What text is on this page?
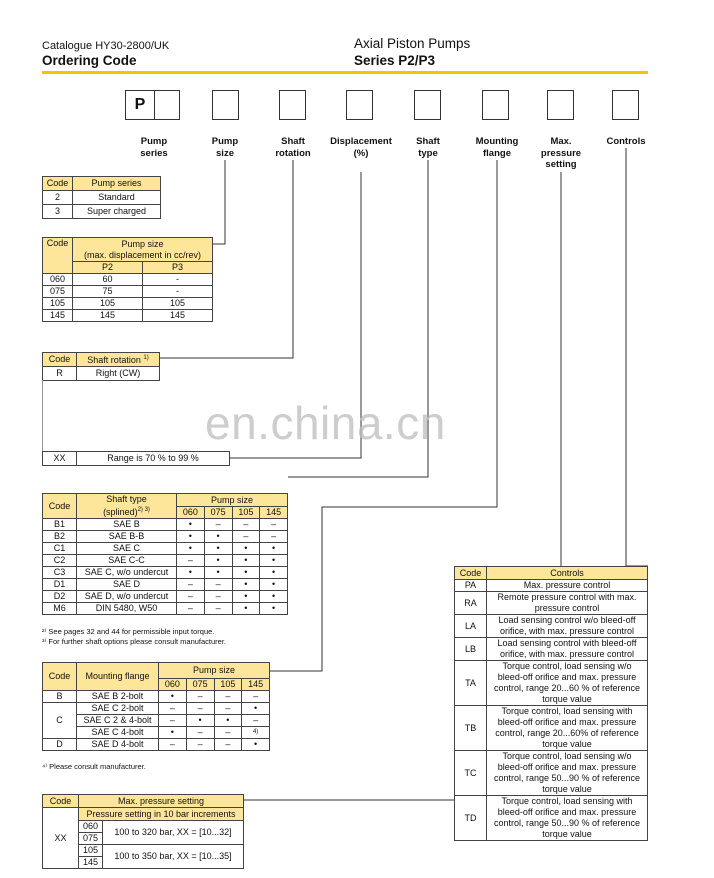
Catalogue HY30-2800/UK
Ordering Code
Axial Piston Pumps
Series P2/P3
P
Pump
series
Pump
size
Shaft
rotation
Displacement
(%)
Shaft
type
Mounting
flange
Max.
pressure
setting
Controls
Code	Pump series
2	Standard
3	Super charged
Code	Pump size
(max. displacement in cc/rev)	
	P2	P3
060	60	-
075	75	-
105	105	105
145	145	145
Code	Shaft rotation $^{1)}$
R	Right (CW)
XX	Range is 70 % to 99 %
en.china.cn
Code	Shaft type
(splined)$^{2) 3)}$	Pump size			
		060	075	105	145
B1	SAE B	•	–	–	–
B2	SAE B-B	•	•	–	–
C1	SAE C	•	•	•	•
C2	SAE C-C	–	•	•	•
C3	SAE C, w/o undercut	•	•	•	•
D1	SAE D	–	–	•	•
D2	SAE D, w/o undercut	–	–	•	•
M6	DIN 5480, W50	–	–	•	•
²⁾ See pages 32 and 44 for permissible input torque.
³⁾ For further shaft options please consult manufacturer.
Code	Mounting flange	Pump size			
		060	075	105	145
B	SAE B 2-bolt	•	–	–	–
C	SAE C 2-bolt	–	–	–	•
	SAE C 2 & 4-bolt	–	•	•	–
	SAE C 4-bolt	•	–	–	4)
D	SAE D 4-bolt	–	–	–	•
⁴⁾ Please consult manufacturer.
Code	Max. pressure setting	
XX	Pressure setting in 10 bar increments	
	060	100 to 320 bar, XX = [10...32]
	075	
	105	100 to 350 bar, XX = [10...35]
	145	
Code	Controls
PA	Max. pressure control
RA	Remote pressure control with max. pressure control
LA	Load sensing control w/o bleed-off orifice, with max. pressure control
LB	Load sensing control with bleed-off orifice, with max. pressure control
TA	Torque control, load sensing w/o bleed-off orifice and max. pressure control, range 20...60 % of reference torque value
TB	Torque control, load sensing with bleed-off orifice and max. pressure control, range 20...60% of reference torque value
TC	Torque control, load sensing w/o bleed-off orifice and max. pressure control, range 50...90 % of reference torque value
TD	Torque control, load sensing with bleed-off orifice and max. pressure control, range 50...90 % of reference torque value
